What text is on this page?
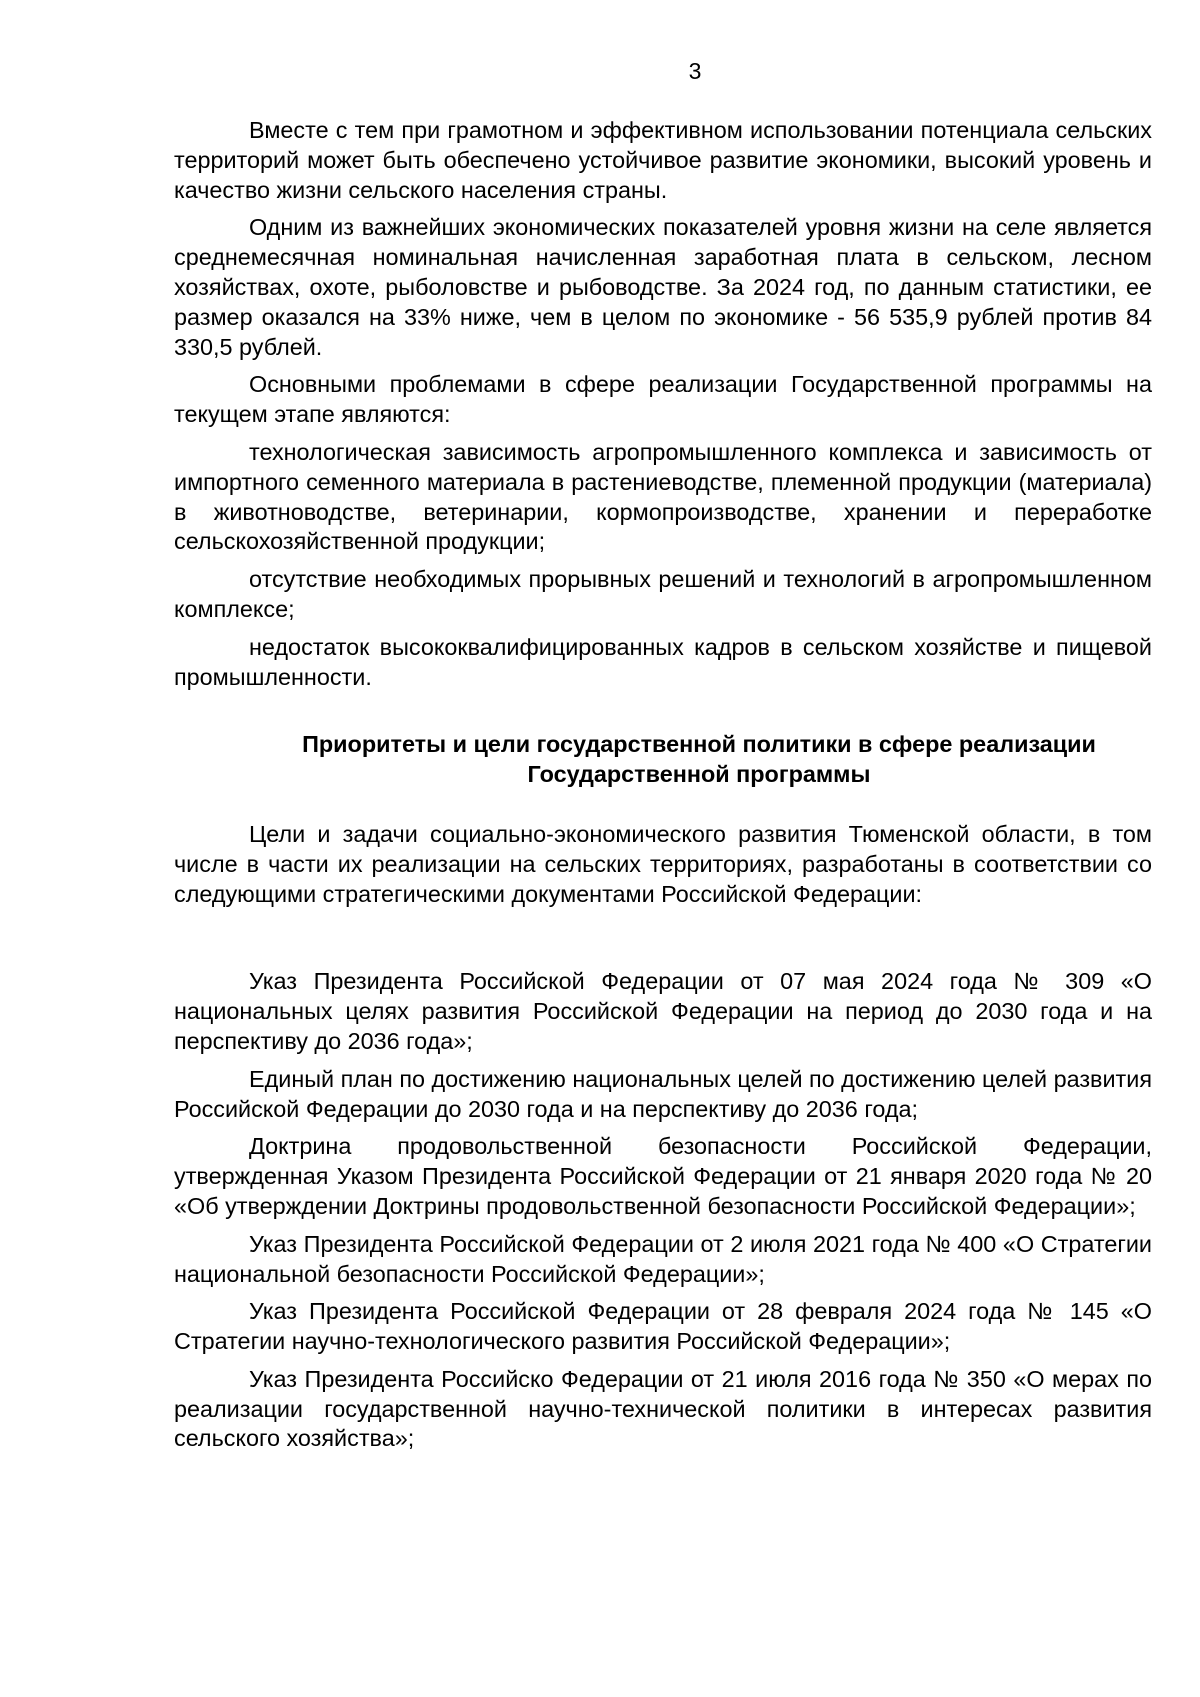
3

Вместе с тем при грамотном и эффективном использовании потенциала сельских территорий может быть обеспечено устойчивое развитие экономики, высокий уровень и качество жизни сельского населения страны.

Одним из важнейших экономических показателей уровня жизни на селе является среднемесячная номинальная начисленная заработная плата в сельском, лесном хозяйствах, охоте, рыболовстве и рыбоводстве. За 2024 год, по данным статистики, ее размер оказался на 33% ниже, чем в целом по экономике - 56 535,9 рублей против 84 330,5 рублей.

Основными проблемами в сфере реализации Государственной программы на текущем этапе являются:

технологическая зависимость агропромышленного комплекса и зависимость от импортного семенного материала в растениеводстве, племенной продукции (материала) в животноводстве, ветеринарии, кормопроизводстве, хранении и переработке сельскохозяйственной продукции;

отсутствие необходимых прорывных решений и технологий в агропромышленном комплексе;

недостаток высококвалифицированных кадров в сельском хозяйстве и пищевой промышленности.

Приоритеты и цели государственной политики в сфере реализации
Государственной программы

Цели и задачи социально-экономического развития Тюменской области, в том числе в части их реализации на сельских территориях, разработаны в соответствии со следующими стратегическими документами Российской Федерации:

Указ Президента Российской Федерации от 07 мая 2024 года № 309 «О национальных целях развития Российской Федерации на период до 2030 года и на перспективу до 2036 года»;

Единый план по достижению национальных целей по достижению целей развития Российской Федерации до 2030 года и на перспективу до 2036 года;

Доктрина продовольственной безопасности Российской Федерации, утвержденная Указом Президента Российской Федерации от 21 января 2020 года № 20 «Об утверждении Доктрины продовольственной безопасности Российской Федерации»;

Указ Президента Российской Федерации от 2 июля 2021 года № 400 «О Стратегии национальной безопасности Российской Федерации»;

Указ Президента Российской Федерации от 28 февраля 2024 года № 145 «О Стратегии научно-технологического развития Российской Федерации»;

Указ Президента Российско Федерации от 21 июля 2016 года № 350 «О мерах по реализации государственной научно-технической политики в интересах развития сельского хозяйства»;
